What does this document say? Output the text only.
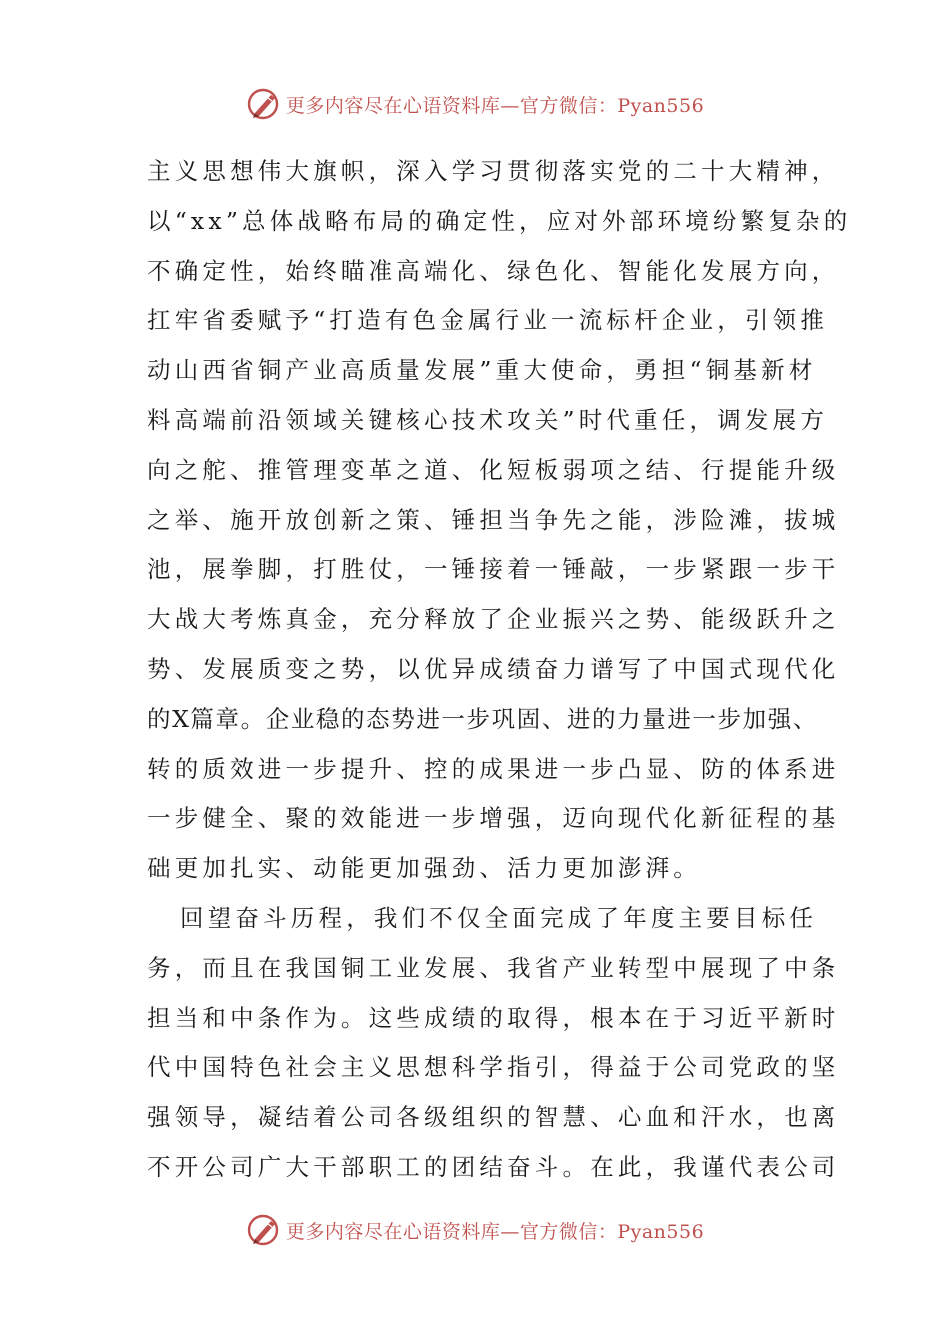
更多内容尽在心语资料库—官方微信：Pyan556
主义思想伟大旗帜，深入学习贯彻落实党的二十大精神，
以“xx”总体战略布局的确定性，应对外部环境纷繁复杂的
不确定性，始终瞄准高端化、绿色化、智能化发展方向，
扛牢省委赋予“打造有色金属行业一流标杆企业，引领推
动山西省铜产业高质量发展”重大使命，勇担“铜基新材
料高端前沿领域关键核心技术攻关”时代重任，调发展方
向之舵、推管理变革之道、化短板弱项之结、行提能升级
之举、施开放创新之策、锤担当争先之能，涉险滩，拔城
池，展拳脚，打胜仗，一锤接着一锤敲，一步紧跟一步干
大战大考炼真金，充分释放了企业振兴之势、能级跃升之
势、发展质变之势，以优异成绩奋力谱写了中国式现代化
的X篇章。企业稳的态势进一步巩固、进的力量进一步加强、
转的质效进一步提升、控的成果进一步凸显、防的体系进
一步健全、聚的效能进一步增强，迈向现代化新征程的基
础更加扎实、动能更加强劲、活力更加澎湃。
回望奋斗历程，我们不仅全面完成了年度主要目标任
务，而且在我国铜工业发展、我省产业转型中展现了中条
担当和中条作为。这些成绩的取得，根本在于习近平新时
代中国特色社会主义思想科学指引，得益于公司党政的坚
强领导，凝结着公司各级组织的智慧、心血和汗水，也离
不开公司广大干部职工的团结奋斗。在此，我谨代表公司
更多内容尽在心语资料库—官方微信：Pyan556
